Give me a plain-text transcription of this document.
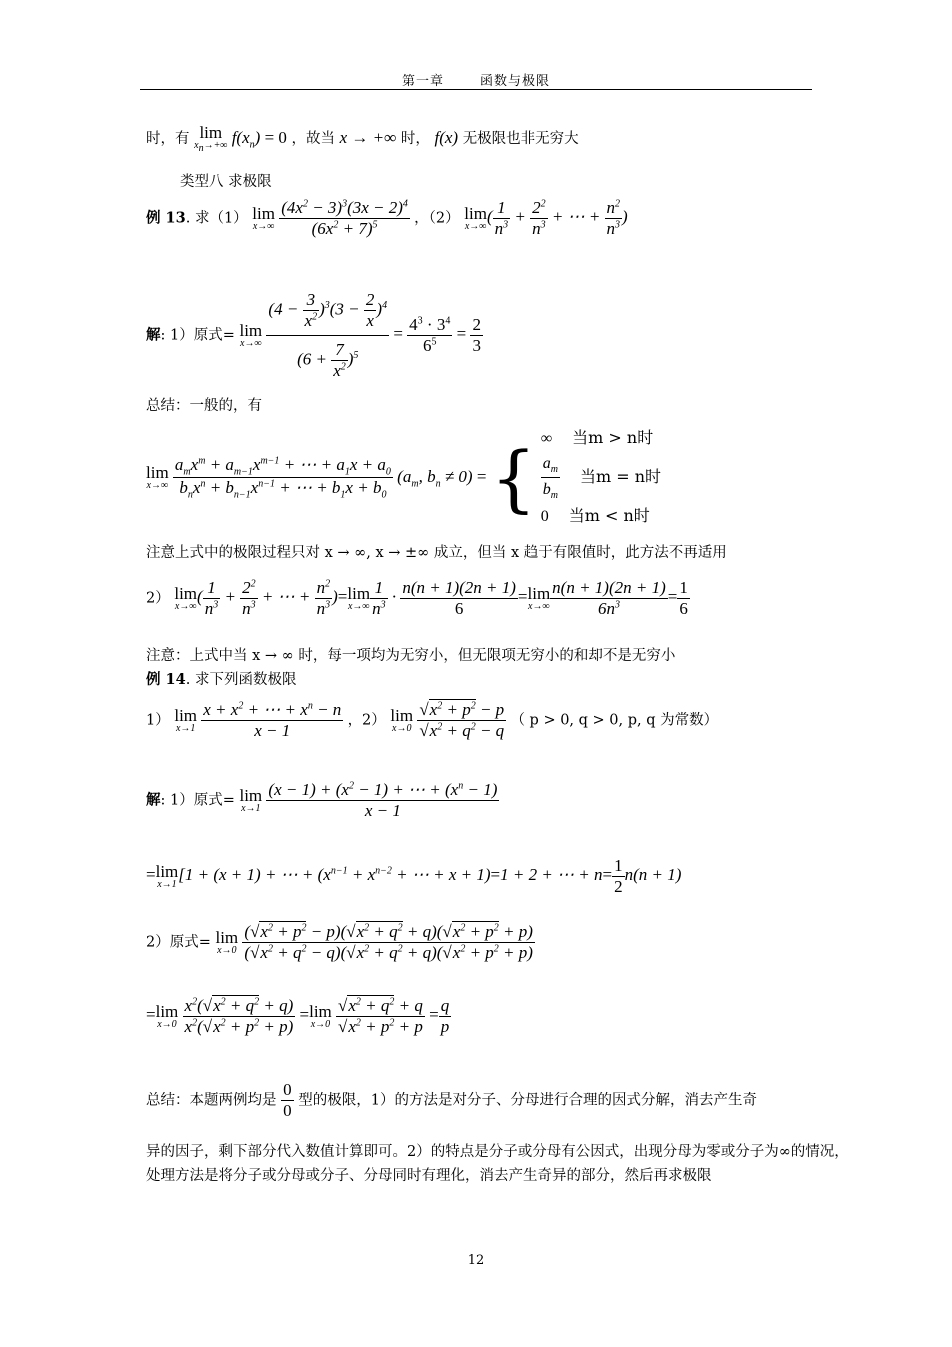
第一章	函数与极限
时，有 lim
$x_n\to+\infty$ $f(x_n) = 0$ ，故当 x → +∞ 时， f(x) 无极限也非无穷大
类型八 求极限
例 13. 求（1） lim
x→∞
$\frac{(4x^2 - 3)^3(3x - 2)^4}{(6x^2 + 7)^5}$ ，（2） lim
x→∞
( $\frac{1}{n^3} + \frac{2^2}{n^3}$ + ⋯ + $\frac{n^2}{n^3}$ )
解: 1）原式= lim
x→∞
$\frac{(4 - \frac{3}{x^2} )^3(3 - \frac{2}{x} )^4}{(6 + \frac{7}{x^2} )^5} = \frac{4^3 \cdot 3^4}{6^5} = \frac{2}{3}$
总结：一般的，有
lim
x→∞
$\frac{a_mx^m + a_{m-1}x^{m-1} + \cdots + a_1x + a_0}{b_nx^n + b_{n-1}x^{n-1} + \cdots + b_1x + b_0} (a_m$, $b_n \ne 0$) = { ∞ 当m > n时
$\frac{a_m}{b_m}$ 当m = n时
0 当m < n时
注意上式中的极限过程只对 x → ∞, x → ±∞ 成立，但当 x 趋于有限值时，此方法不再适用
2） lim
x→∞
( $\frac{1}{n^3} + \frac{2^2}{n^3}$ + ⋯ + $\frac{n^2}{n^3} )=\lim$
$x\to\infty \frac{1}{n^3} \cdot \frac{n(n + 1)(2n + 1)}{6} =\lim$
$x\to\infty \frac{n(n + 1)(2n + 1)}{6n^3} = \frac{1}{6}$
注意：上式中当 x → ∞ 时，每一项均为无穷小，但无限项无穷小的和却不是无穷小
例 14. 求下列函数极限
1） lim
x→1
$\frac{x + x^2 + \cdots + x^n - n}{x - 1}$ ，2） lim
x→0
$\frac{√x^2 + p^2 - p}{√x^2 + q^2 - q}$ （ p > 0, q > 0, p, q 为常数）
解: 1）原式= lim
x→1
$\frac{(x - 1) + (x^2 - 1) + \cdots + (x^n - 1)}{x - 1}$
=lim
x→1
[1 + (x + 1) + ⋯ + ($x^{n-1} + x^{n-2}$ + ⋯ + x + 1)=1 + 2 + ⋯ + $n= \frac{1}{2} n(n + 1)$
2）原式= lim
x→0
$\frac{(√x^2 + p^2 - p)(√x^2 + q^2 + q)(√x^2 + p^2 + p)}{(√x^2 + q^2 - q)(√x^2 + q^2 + q)(√x^2 + p^2 + p)}$
=lim
x→0
$\frac{x^2(√x^2 + q^2 + q)}{x^2(√x^2 + p^2 + p)} =\lim$
x→0
$\frac{√x^2 + q^2 + q}{√x^2 + p^2 + p} = \frac{q}{p}$
总结：本题两例均是 $\frac{0}{0}$ 型的极限，1）的方法是对分子、分母进行合理的因式分解，消去产生奇
异的因子，剩下部分代入数值计算即可。2）的特点是分子或分母有公因式，出现分母为零或分子为∞的情况，处理方法是将分子或分母或分子、分母同时有理化，消去产生奇异的部分，然后再求极限
12
